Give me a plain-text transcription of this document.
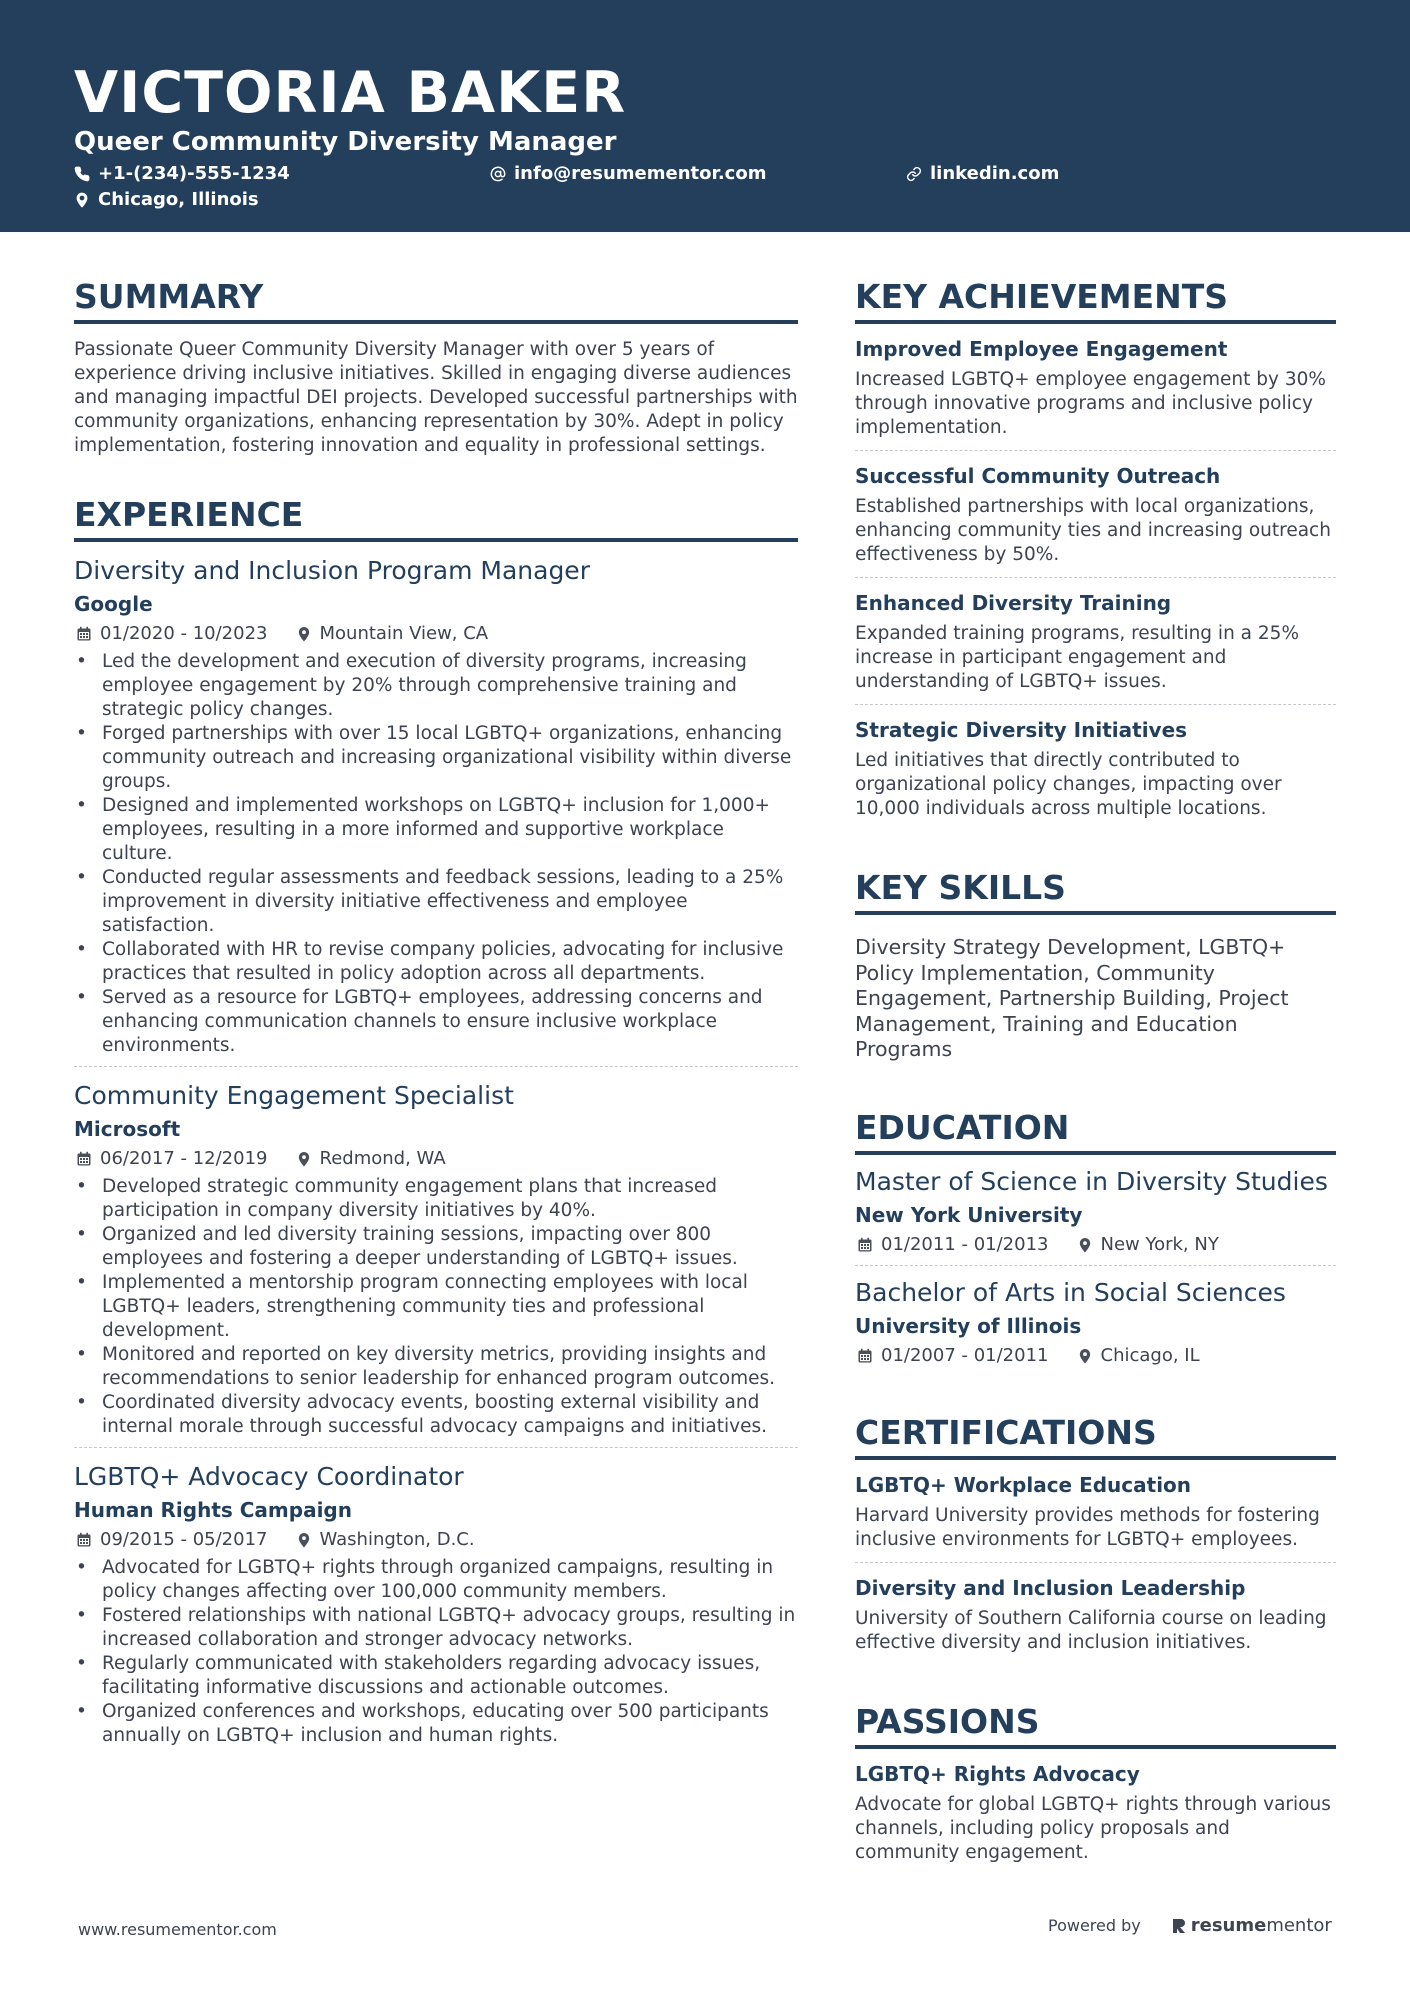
VICTORIA BAKER
Queer Community Diversity Manager
+1-(234)-555-1234	info@resumementor.com	linkedin.com
Chicago, Illinois
SUMMARY
Passionate Queer Community Diversity Manager with over 5 years of experience driving inclusive initiatives. Skilled in engaging diverse audiences and managing impactful DEI projects. Developed successful partnerships with community organizations, enhancing representation by 30%. Adept in policy implementation, fostering innovation and equality in professional settings.
EXPERIENCE
Diversity and Inclusion Program Manager
Google
01/2020 - 10/2023	Mountain View, CA
• Led the development and execution of diversity programs, increasing employee engagement by 20% through comprehensive training and strategic policy changes.
• Forged partnerships with over 15 local LGBTQ+ organizations, enhancing community outreach and increasing organizational visibility within diverse groups.
• Designed and implemented workshops on LGBTQ+ inclusion for 1,000+ employees, resulting in a more informed and supportive workplace culture.
• Conducted regular assessments and feedback sessions, leading to a 25% improvement in diversity initiative effectiveness and employee satisfaction.
• Collaborated with HR to revise company policies, advocating for inclusive practices that resulted in policy adoption across all departments.
• Served as a resource for LGBTQ+ employees, addressing concerns and enhancing communication channels to ensure inclusive workplace environments.
Community Engagement Specialist
Microsoft
06/2017 - 12/2019	Redmond, WA
• Developed strategic community engagement plans that increased participation in company diversity initiatives by 40%.
• Organized and led diversity training sessions, impacting over 800 employees and fostering a deeper understanding of LGBTQ+ issues.
• Implemented a mentorship program connecting employees with local LGBTQ+ leaders, strengthening community ties and professional development.
• Monitored and reported on key diversity metrics, providing insights and recommendations to senior leadership for enhanced program outcomes.
• Coordinated diversity advocacy events, boosting external visibility and internal morale through successful advocacy campaigns and initiatives.
LGBTQ+ Advocacy Coordinator
Human Rights Campaign
09/2015 - 05/2017	Washington, D.C.
• Advocated for LGBTQ+ rights through organized campaigns, resulting in policy changes affecting over 100,000 community members.
• Fostered relationships with national LGBTQ+ advocacy groups, resulting in increased collaboration and stronger advocacy networks.
• Regularly communicated with stakeholders regarding advocacy issues, facilitating informative discussions and actionable outcomes.
• Organized conferences and workshops, educating over 500 participants annually on LGBTQ+ inclusion and human rights.
KEY ACHIEVEMENTS
Improved Employee Engagement
Increased LGBTQ+ employee engagement by 30% through innovative programs and inclusive policy implementation.
Successful Community Outreach
Established partnerships with local organizations, enhancing community ties and increasing outreach effectiveness by 50%.
Enhanced Diversity Training
Expanded training programs, resulting in a 25% increase in participant engagement and understanding of LGBTQ+ issues.
Strategic Diversity Initiatives
Led initiatives that directly contributed to organizational policy changes, impacting over 10,000 individuals across multiple locations.
KEY SKILLS
Diversity Strategy Development, LGBTQ+ Policy Implementation, Community Engagement, Partnership Building, Project Management, Training and Education Programs
EDUCATION
Master of Science in Diversity Studies
New York University
01/2011 - 01/2013	New York, NY
Bachelor of Arts in Social Sciences
University of Illinois
01/2007 - 01/2011	Chicago, IL
CERTIFICATIONS
LGBTQ+ Workplace Education
Harvard University provides methods for fostering inclusive environments for LGBTQ+ employees.
Diversity and Inclusion Leadership
University of Southern California course on leading effective diversity and inclusion initiatives.
PASSIONS
LGBTQ+ Rights Advocacy
Advocate for global LGBTQ+ rights through various channels, including policy proposals and community engagement.
www.resumementor.com	Powered by	resume mentor
